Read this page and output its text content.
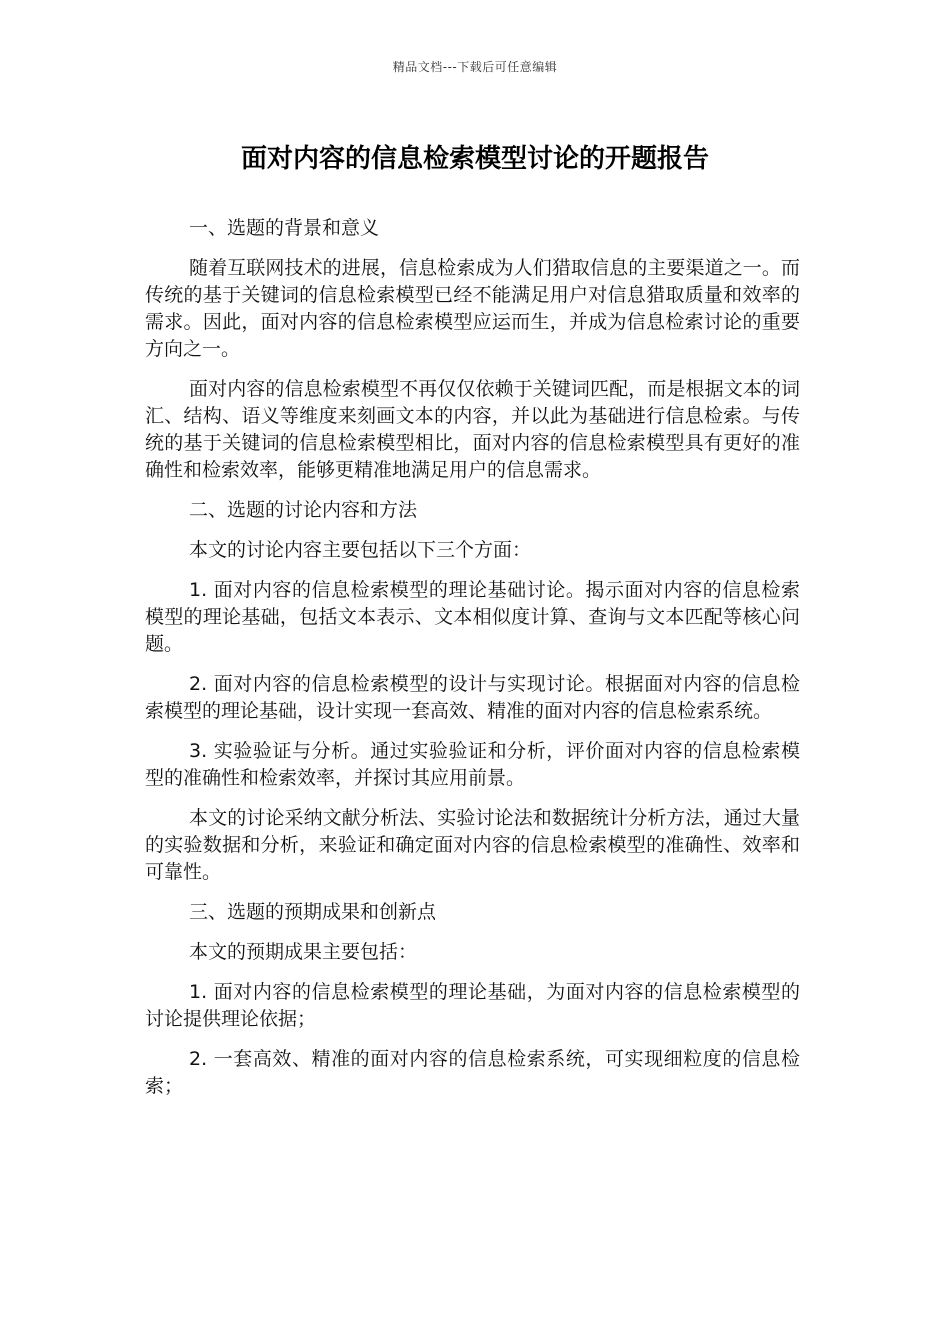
精品文档---下载后可任意编辑
面对内容的信息检索模型讨论的开题报告

一、选题的背景和意义

随着互联网技术的进展，信息检索成为人们猎取信息的主要渠道之一。而传统的基于关键词的信息检索模型已经不能满足用户对信息猎取质量和效率的需求。因此，面对内容的信息检索模型应运而生，并成为信息检索讨论的重要方向之一。

面对内容的信息检索模型不再仅仅依赖于关键词匹配，而是根据文本的词汇、结构、语义等维度来刻画文本的内容，并以此为基础进行信息检索。与传统的基于关键词的信息检索模型相比，面对内容的信息检索模型具有更好的准确性和检索效率，能够更精准地满足用户的信息需求。

二、选题的讨论内容和方法

本文的讨论内容主要包括以下三个方面：

1. 面对内容的信息检索模型的理论基础讨论。揭示面对内容的信息检索模型的理论基础，包括文本表示、文本相似度计算、查询与文本匹配等核心问题。

2. 面对内容的信息检索模型的设计与实现讨论。根据面对内容的信息检索模型的理论基础，设计实现一套高效、精准的面对内容的信息检索系统。

3. 实验验证与分析。通过实验验证和分析，评价面对内容的信息检索模型的准确性和检索效率，并探讨其应用前景。

本文的讨论采纳文献分析法、实验讨论法和数据统计分析方法，通过大量的实验数据和分析，来验证和确定面对内容的信息检索模型的准确性、效率和可靠性。

三、选题的预期成果和创新点

本文的预期成果主要包括：

1. 面对内容的信息检索模型的理论基础，为面对内容的信息检索模型的讨论提供理论依据；

2. 一套高效、精准的面对内容的信息检索系统，可实现细粒度的信息检索；
